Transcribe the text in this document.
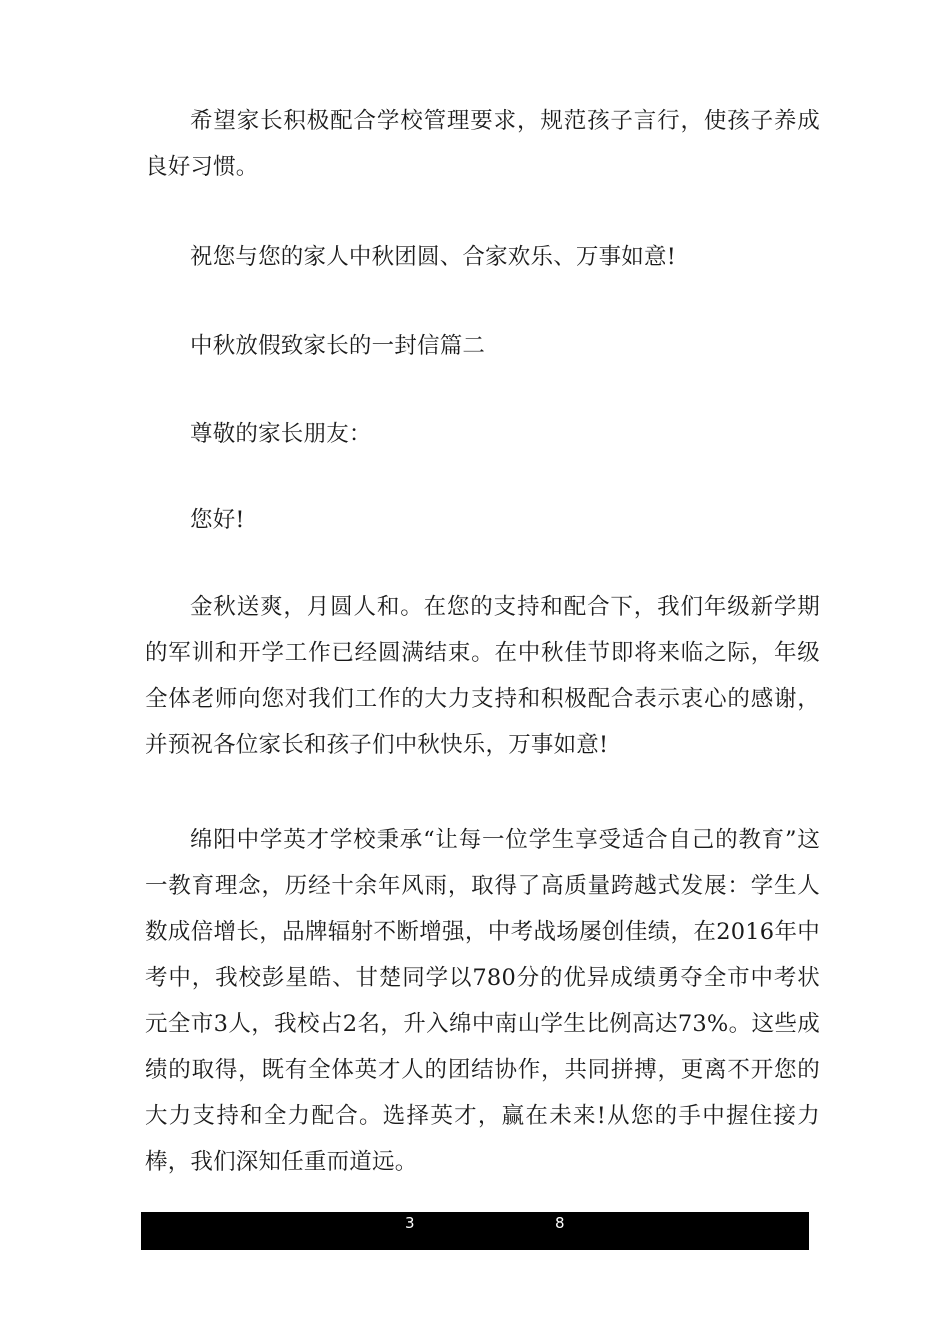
希望家长积极配合学校管理要求，规范孩子言行，使孩子养成良好习惯。

祝您与您的家人中秋团圆、合家欢乐、万事如意!

中秋放假致家长的一封信篇二

尊敬的家长朋友：

您好!

金秋送爽，月圆人和。在您的支持和配合下，我们年级新学期的军训和开学工作已经圆满结束。在中秋佳节即将来临之际，年级全体老师向您对我们工作的大力支持和积极配合表示衷心的感谢，并预祝各位家长和孩子们中秋快乐，万事如意!

绵阳中学英才学校秉承“让每一位学生享受适合自己的教育”这一教育理念，历经十余年风雨，取得了高质量跨越式发展：学生人数成倍增长，品牌辐射不断增强，中考战场屡创佳绩，在2016年中考中，我校彭星皓、甘楚同学以780分的优异成绩勇夺全市中考状元全市3人，我校占2名，升入绵中南山学生比例高达73%。这些成绩的取得，既有全体英才人的团结协作，共同拼搏，更离不开您的大力支持和全力配合。选择英才，赢在未来!从您的手中握住接力棒，我们深知任重而道远。

3	8
